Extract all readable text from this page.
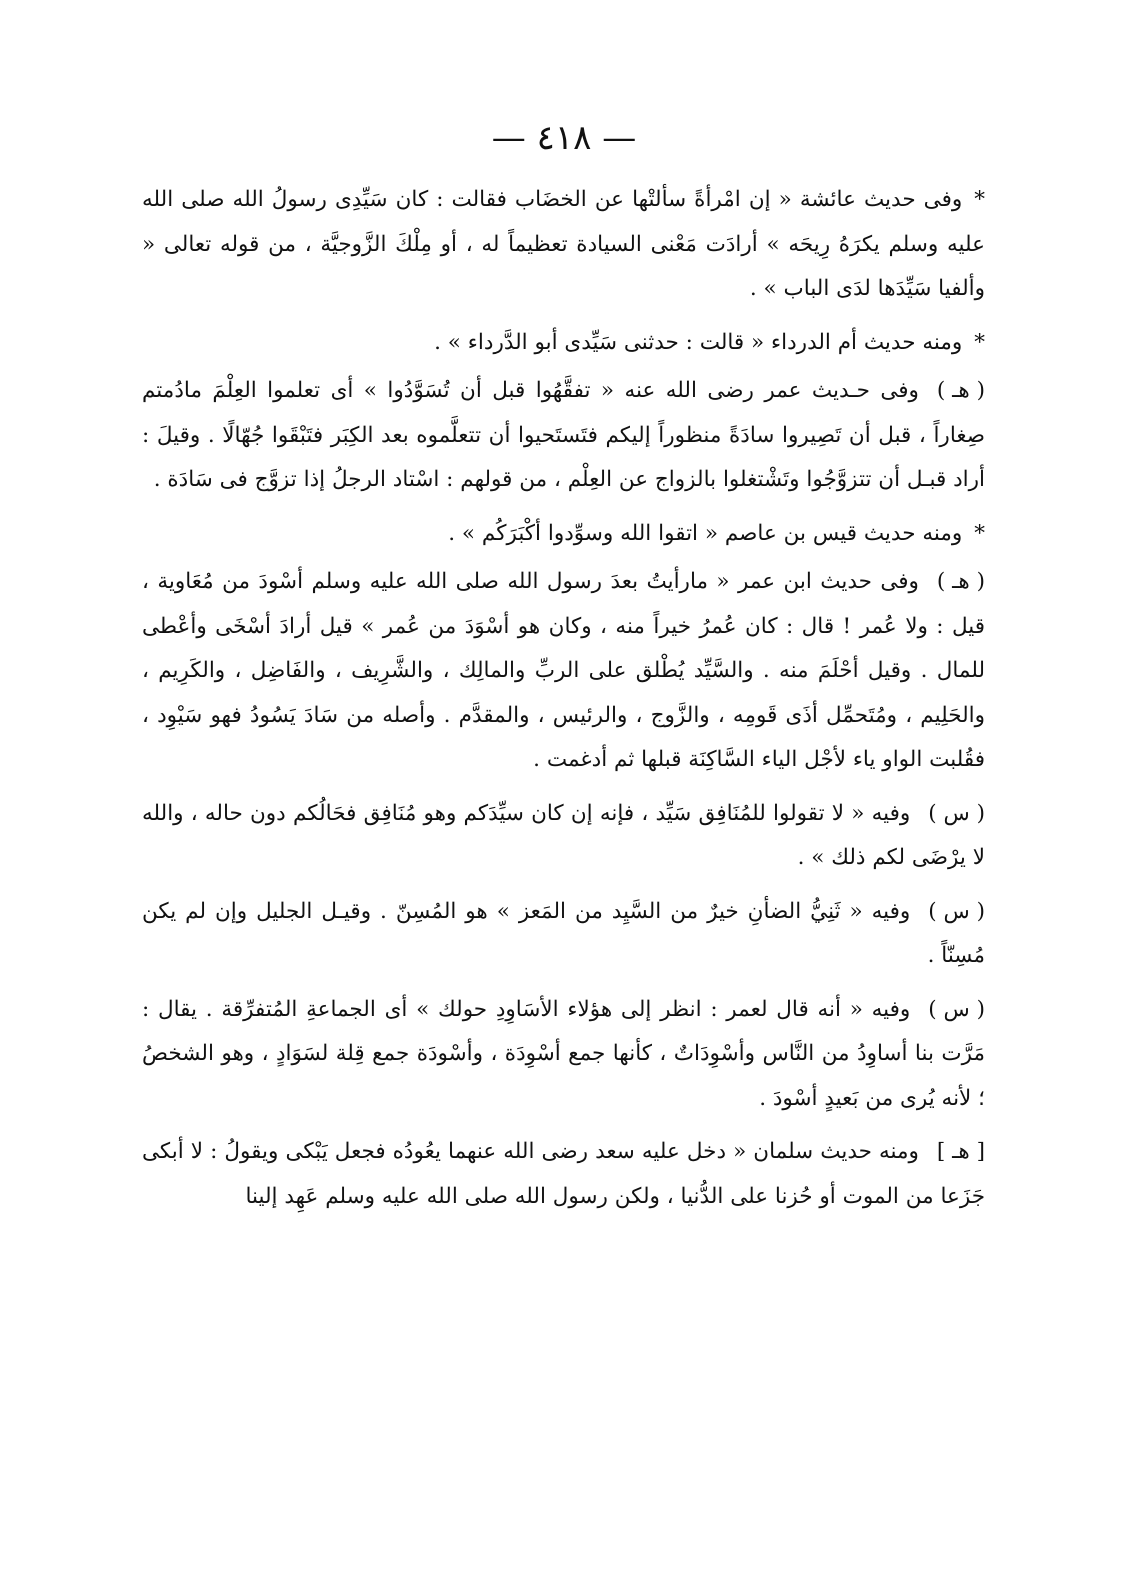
— ٤١٨ —

*وفى حديث عائشة « إن امْرأةً سألتْها عن الخضَاب فقالت : كان سَيِّدِى رسولُ الله صلى الله عليه وسلم يكرَهُ رِيحَه » أرادَت مَعْنى السيادة تعظيماً له ، أو مِلْكَ الزَّوجيَّة ، من قوله تعالى « وألفيا سَيِّدَها لدَى الباب » .

*ومنه حديث أم الدرداء « قالت : حدثنى سَيِّدى أبو الدَّرداء » .

( هـ )وفى حـديث عمر رضى الله عنه « تفقَّهُوا قبل أن تُسَوَّدُوا » أى تعلموا العِلْمَ مادُمتم صِغاراً ، قبل أن تَصِيروا سادَةً منظوراً إليكم فتَستَحيوا أن تتعلَّموه بعد الكِبَر فتَبْقَوا جُهّالًا . وقيلَ : أراد قبـل أن تتزوَّجُوا وتَشْتغلوا بالزواج عن العِلْم ، من قولهم : اسْتاد الرجلُ إذا تزوَّج فى سَادَة .

*ومنه حديث قيس بن عاصم « اتقوا الله وسوِّدوا أكْبَرَكُم » .

( هـ )وفى حديث ابن عمر « مارأيتُ بعدَ رسول الله صلى الله عليه وسلم أسْودَ من مُعَاوية ، قيل : ولا عُمر ! قال : كان عُمرُ خيراً منه ، وكان هو أسْوَدَ من عُمر » قيل أرادَ أسْخَى وأعْطى للمال . وقيل أحْلَمَ منه . والسَّيِّد يُطْلق على الربِّ والمالِك ، والشَّرِيف ، والفَاضِل ، والكَرِيم ، والحَلِيم ، ومُتَحمِّل أذَى قَومِه ، والزَّوج ، والرئيس ، والمقدَّم . وأصله من سَادَ يَسُودُ فهو سَيْوِد ، فقُلبت الواو ياء لأجْل الياء السَّاكِنَة قبلها ثم أدغمت .

( س )وفيه « لا تقولوا للمُنَافِق سَيِّد ، فإنه إن كان سيِّدَكم وهو مُنَافِق فحَالُكم دون حاله ، والله لا يرْضَى لكم ذلك » .

( س )وفيه « ثَنِيُّ الضأنِ خيرٌ من السَّيِد من المَعز » هو المُسِنّ . وقيـل الجليل وإن لم يكن مُسِنّاً .

( س )وفيه « أنه قال لعمر : انظر إلى هؤلاء الأسَاوِدِ حولك » أى الجماعةِ المُتفرِّقة . يقال : مَرَّت بنا أساوِدُ من النَّاس وأسْوِدَاتٌ ، كأنها جمع أسْوِدَة ، وأسْودَة جمع قِلة لسَوَادٍ ، وهو الشخصُ ؛ لأنه يُرى من بَعيدٍ أسْودَ .

[ هـ ]ومنه حديث سلمان « دخل عليه سعد رضى الله عنهما يعُودُه فجعل يَبْكى ويقولُ : لا أبكى جَزَعا من الموت أو حُزنا على الدُّنيا ، ولكن رسول الله صلى الله عليه وسلم عَهِد إلينا
